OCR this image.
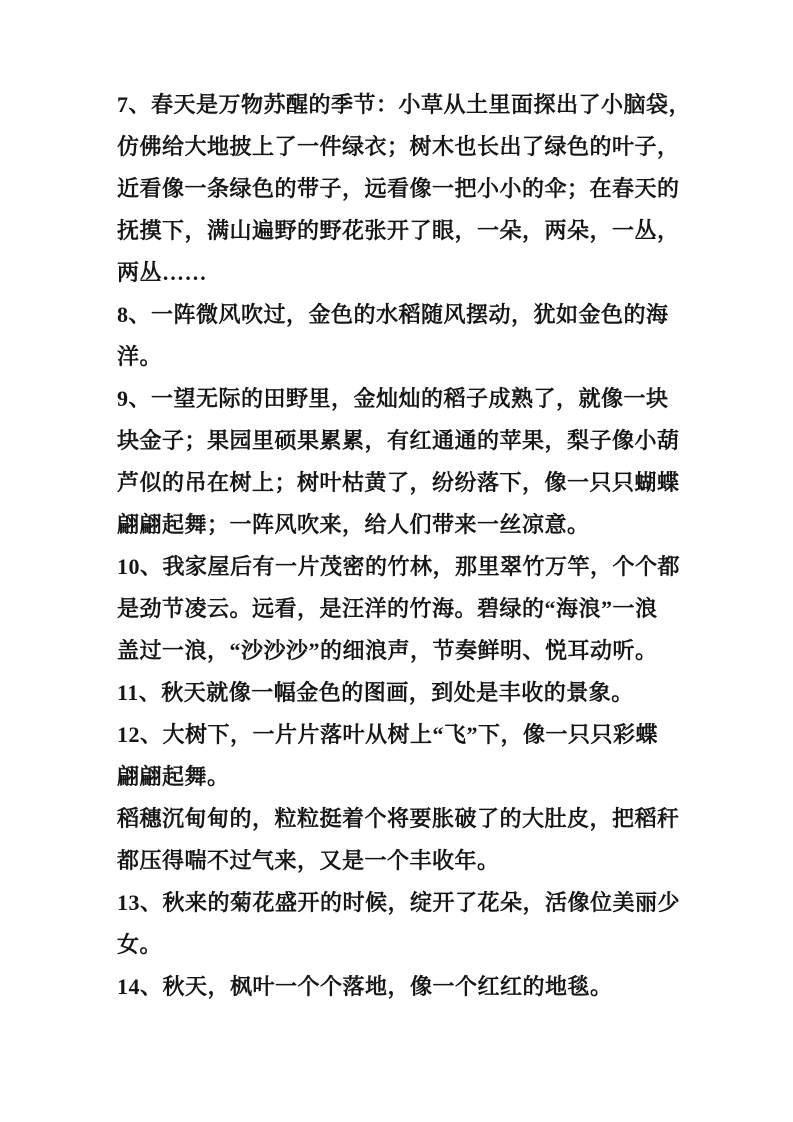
7、春天是万物苏醒的季节：小草从土里面探出了小脑袋，
仿佛给大地披上了一件绿衣；树木也长出了绿色的叶子，
近看像一条绿色的带子，远看像一把小小的伞；在春天的
抚摸下，满山遍野的野花张开了眼，一朵，两朵，一丛，
两丛……
8、一阵微风吹过，金色的水稻随风摆动，犹如金色的海
洋。
9、一望无际的田野里，金灿灿的稻子成熟了，就像一块
块金子；果园里硕果累累，有红通通的苹果，梨子像小葫
芦似的吊在树上；树叶枯黄了，纷纷落下，像一只只蝴蝶
翩翩起舞；一阵风吹来，给人们带来一丝凉意。
10、我家屋后有一片茂密的竹林，那里翠竹万竿，个个都
是劲节凌云。远看，是汪洋的竹海。碧绿的“海浪”一浪
盖过一浪，“沙沙沙”的细浪声，节奏鲜明、悦耳动听。
11、秋天就像一幅金色的图画，到处是丰收的景象。
12、大树下，一片片落叶从树上“飞”下，像一只只彩蝶
翩翩起舞。
稻穗沉甸甸的，粒粒挺着个将要胀破了的大肚皮，把稻秆
都压得喘不过气来，又是一个丰收年。
13、秋来的菊花盛开的时候，绽开了花朵，活像位美丽少
女。
14、秋天，枫叶一个个落地，像一个红红的地毯。
